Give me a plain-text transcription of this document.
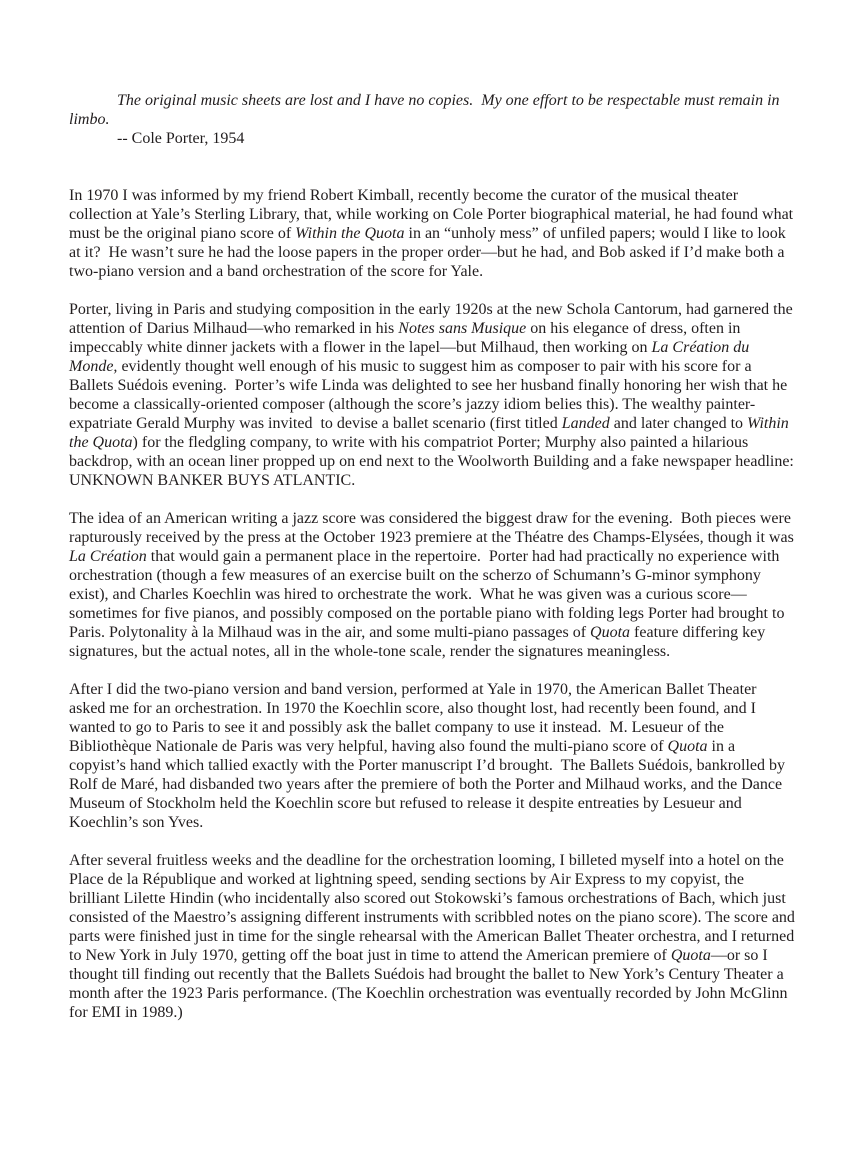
The original music sheets are lost and I have no copies.  My one effort to be respectable must remain in limbo.

-- Cole Porter, 1954

In 1970 I was informed by my friend Robert Kimball, recently become the curator of the musical theater collection at Yale’s Sterling Library, that, while working on Cole Porter biographical material, he had found what must be the original piano score of Within the Quota in an “unholy mess” of unfiled papers; would I like to look at it?  He wasn’t sure he had the loose papers in the proper order—but he had, and Bob asked if I’d make both a two-piano version and a band orchestration of the score for Yale.

Porter, living in Paris and studying composition in the early 1920s at the new Schola Cantorum, had garnered the attention of Darius Milhaud—who remarked in his Notes sans Musique on his elegance of dress, often in impeccably white dinner jackets with a flower in the lapel—but Milhaud, then working on La Création du Monde, evidently thought well enough of his music to suggest him as composer to pair with his score for a Ballets Suédois evening.  Porter’s wife Linda was delighted to see her husband finally honoring her wish that he become a classically-oriented composer (although the score’s jazzy idiom belies this). The wealthy painter-expatriate Gerald Murphy was invited  to devise a ballet scenario (first titled Landed and later changed to Within the Quota) for the fledgling company, to write with his compatriot Porter; Murphy also painted a hilarious backdrop, with an ocean liner propped up on end next to the Woolworth Building and a fake newspaper headline:  UNKNOWN BANKER BUYS ATLANTIC.

The idea of an American writing a jazz score was considered the biggest draw for the evening.  Both pieces were rapturously received by the press at the October 1923 premiere at the Théatre des Champs-Elysées, though it was La Création that would gain a permanent place in the repertoire.  Porter had had practically no experience with orchestration (though a few measures of an exercise built on the scherzo of Schumann’s G-minor symphony exist), and Charles Koechlin was hired to orchestrate the work.  What he was given was a curious score—sometimes for five pianos, and possibly composed on the portable piano with folding legs Porter had brought to Paris. Polytonality à la Milhaud was in the air, and some multi-piano passages of Quota feature differing key signatures, but the actual notes, all in the whole-tone scale, render the signatures meaningless.

After I did the two-piano version and band version, performed at Yale in 1970, the American Ballet Theater asked me for an orchestration. In 1970 the Koechlin score, also thought lost, had recently been found, and I wanted to go to Paris to see it and possibly ask the ballet company to use it instead.  M. Lesueur of the Bibliothèque Nationale de Paris was very helpful, having also found the multi-piano score of Quota in a copyist’s hand which tallied exactly with the Porter manuscript I’d brought.  The Ballets Suédois, bankrolled by Rolf de Maré, had disbanded two years after the premiere of both the Porter and Milhaud works, and the Dance Museum of Stockholm held the Koechlin score but refused to release it despite entreaties by Lesueur and Koechlin’s son Yves.

After several fruitless weeks and the deadline for the orchestration looming, I billeted myself into a hotel on the Place de la République and worked at lightning speed, sending sections by Air Express to my copyist, the brilliant Lilette Hindin (who incidentally also scored out Stokowski’s famous orchestrations of Bach, which just consisted of the Maestro’s assigning different instruments with scribbled notes on the piano score). The score and parts were finished just in time for the single rehearsal with the American Ballet Theater orchestra, and I returned to New York in July 1970, getting off the boat just in time to attend the American premiere of Quota—or so I thought till finding out recently that the Ballets Suédois had brought the ballet to New York’s Century Theater a month after the 1923 Paris performance. (The Koechlin orchestration was eventually recorded by John McGlinn for EMI in 1989.)
